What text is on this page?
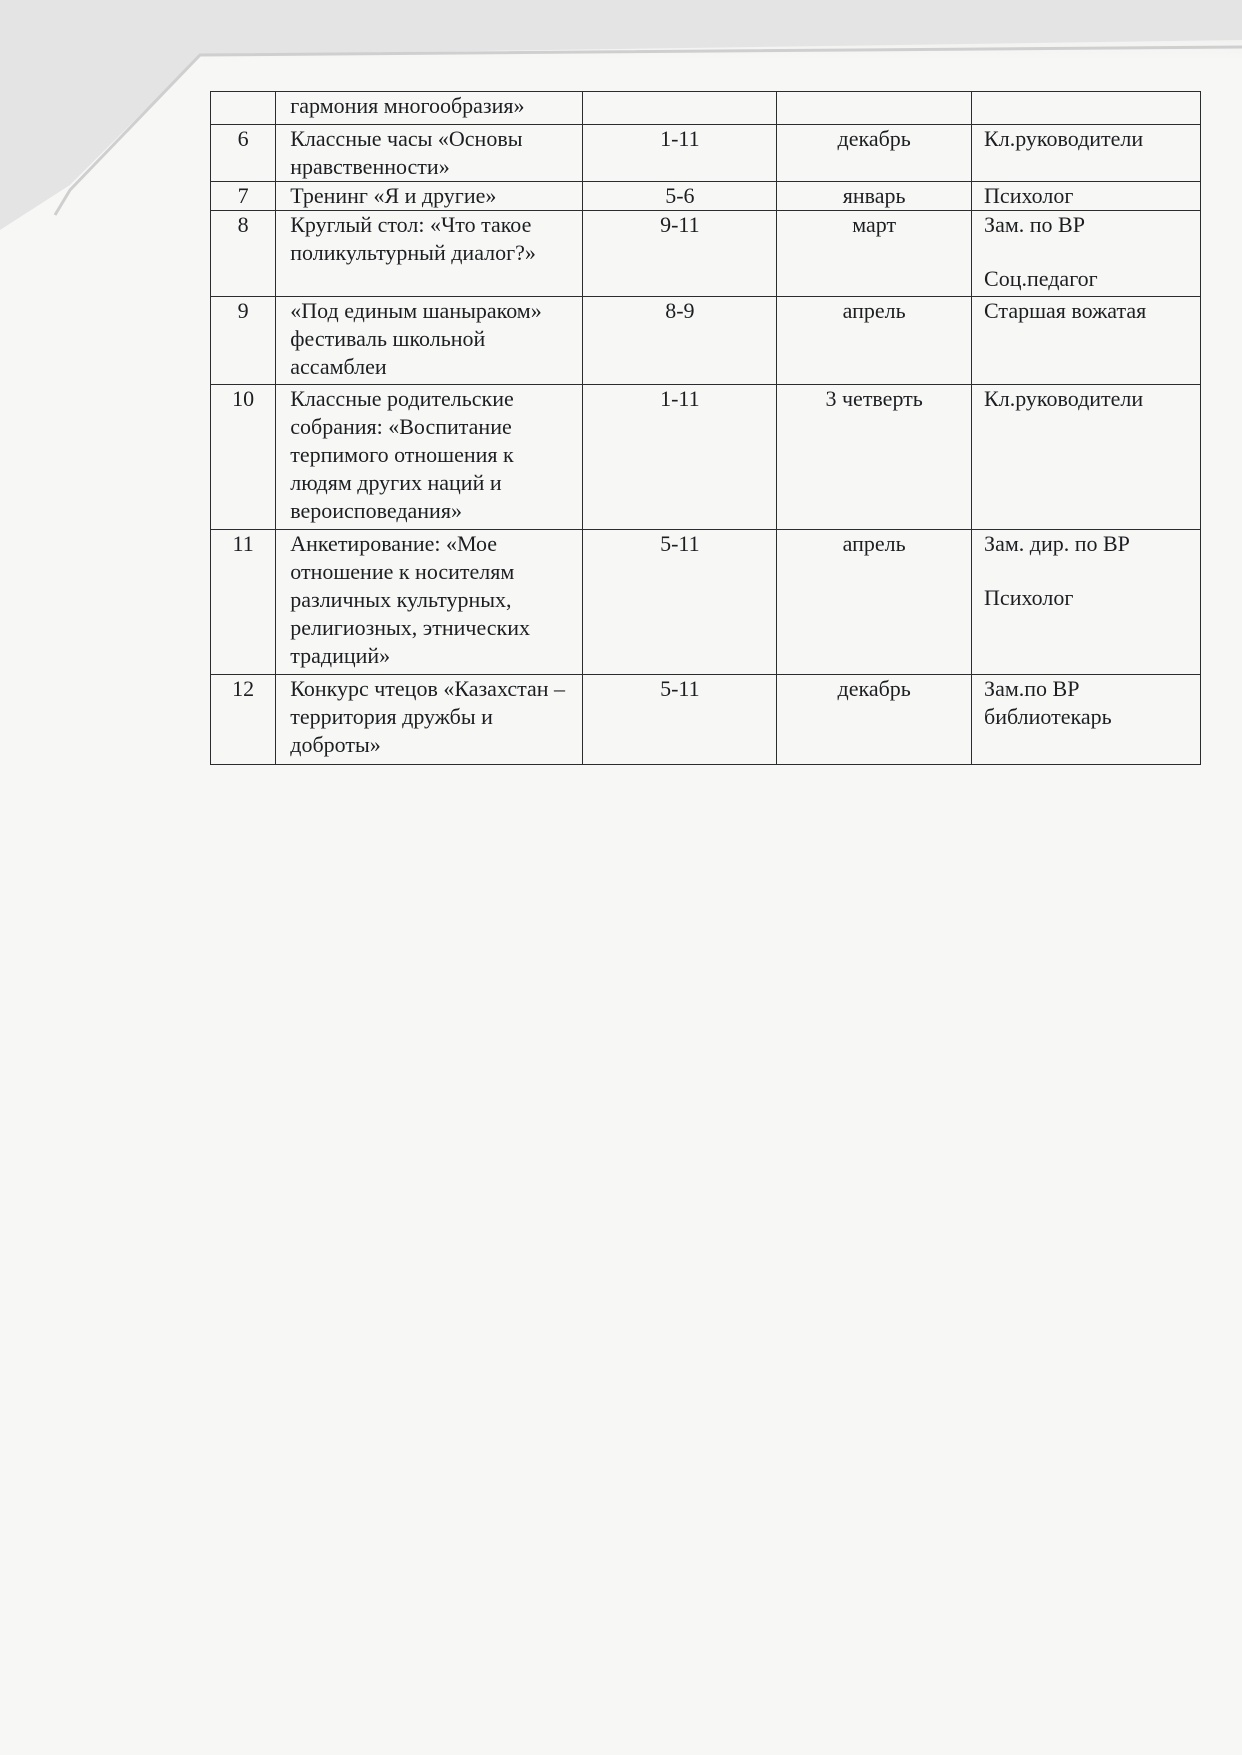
	гармония многообразия»			
6	Классные часы «Основы нравственности»	1-11	декабрь	Кл.руководители

7	Тренинг «Я и другие»	5-6	январь	Психолог

8	Круглый стол: «Что такое поликультурный диалог?»	9-11	март	Зам. по ВР
Соц.педагог

9	«Под единым шаныраком» фестиваль школьной ассамблеи	8-9	апрель	Старшая вожатая

10	Классные родительские собрания: «Воспитание терпимого отношения к людям других наций и вероисповедания»	1-11	3 четверть	Кл.руководители

11	Анкетирование: «Мое отношение к носителям различных культурных, религиозных, этнических традиций»	5-11	апрель	Зам. дир. по ВР
Психолог

12	Конкурс чтецов «Казахстан – территория дружбы и доброты»	5-11	декабрь	Зам.по ВР
библиотекарь
